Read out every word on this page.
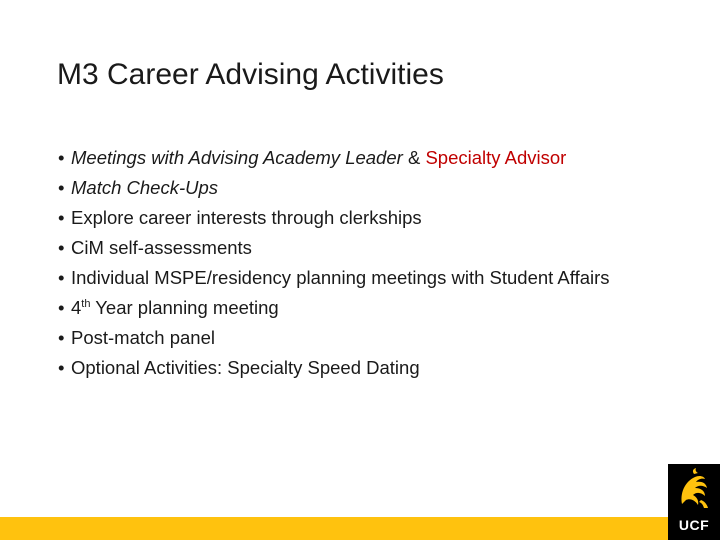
M3 Career Advising Activities
• Meetings with Advising Academy Leader & Specialty Advisor
• Match Check-Ups
• Explore career interests through clerkships
• CiM self-assessments
• Individual MSPE/residency planning meetings with Student Affairs
• 4th Year planning meeting
• Post-match panel
• Optional Activities: Specialty Speed Dating
UCF
